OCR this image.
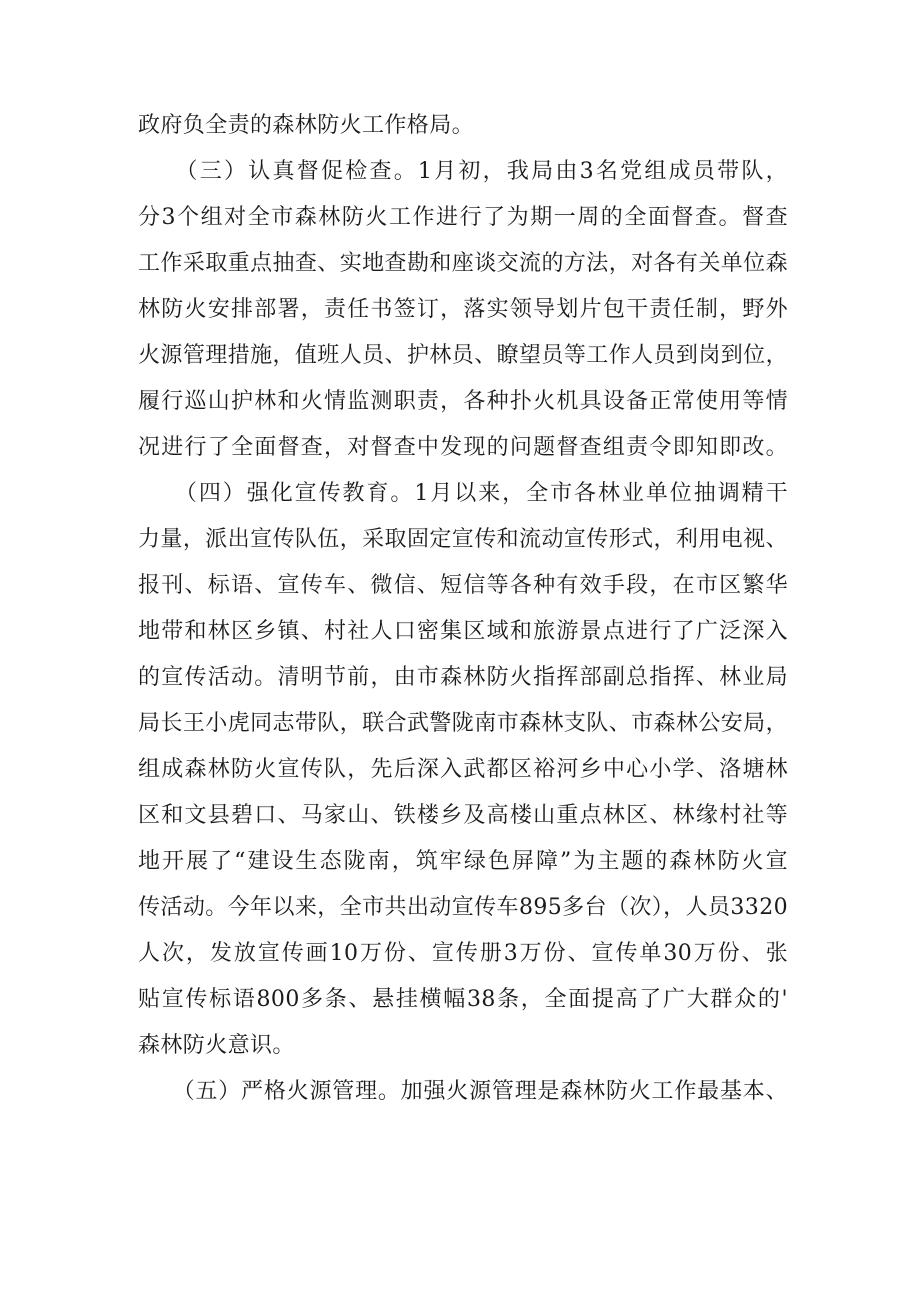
政府负全责的森林防火工作格局。
　　（三）认真督促检查。1月初，我局由3名党组成员带队，
分3个组对全市森林防火工作进行了为期一周的全面督查。督查
工作采取重点抽查、实地查勘和座谈交流的方法，对各有关单位森
林防火安排部署，责任书签订，落实领导划片包干责任制，野外
火源管理措施，值班人员、护林员、瞭望员等工作人员到岗到位，
履行巡山护林和火情监测职责，各种扑火机具设备正常使用等情
况进行了全面督查，对督查中发现的问题督查组责令即知即改。
　　（四）强化宣传教育。1月以来，全市各林业单位抽调精干
力量，派出宣传队伍，采取固定宣传和流动宣传形式，利用电视、
报刊、标语、宣传车、微信、短信等各种有效手段，在市区繁华
地带和林区乡镇、村社人口密集区域和旅游景点进行了广泛深入
的宣传活动。清明节前，由市森林防火指挥部副总指挥、林业局
局长王小虎同志带队，联合武警陇南市森林支队、市森林公安局，
组成森林防火宣传队，先后深入武都区裕河乡中心小学、洛塘林
区和文县碧口、马家山、铁楼乡及高楼山重点林区、林缘村社等
地开展了“建设生态陇南，筑牢绿色屏障”为主题的森林防火宣
传活动。今年以来，全市共出动宣传车895多台（次），人员3320
人次，发放宣传画10万份、宣传册3万份、宣传单30万份、张
贴宣传标语800多条、悬挂横幅38条，全面提高了广大群众的'
森林防火意识。
　　（五）严格火源管理。加强火源管理是森林防火工作最基本、
